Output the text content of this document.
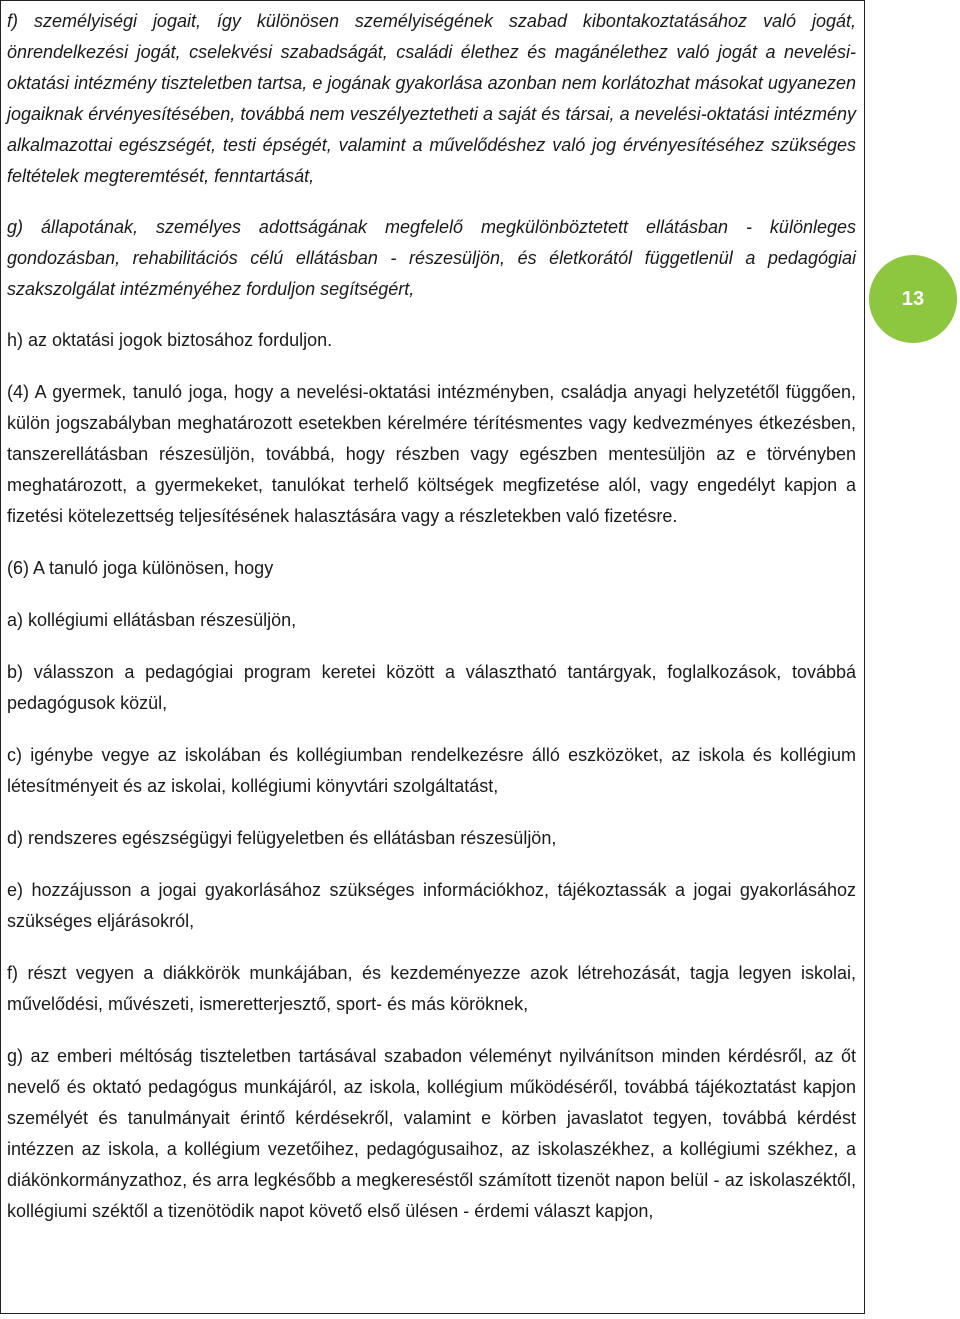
f) személyiségi jogait, így különösen személyiségének szabad kibontakoztatásához való jogát, önrendelkezési jogát, cselekvési szabadságát, családi élethez és magánélethez való jogát a nevelési-oktatási intézmény tiszteletben tartsa, e jogának gyakorlása azonban nem korlátozhat másokat ugyanezen jogaiknak érvényesítésében, továbbá nem veszélyeztetheti a saját és társai, a nevelési-oktatási intézmény alkalmazottai egészségét, testi épségét, valamint a művelődéshez való jog érvényesítéséhez szükséges feltételek megteremtését, fenntartását,

g) állapotának, személyes adottságának megfelelő megkülönböztetett ellátásban - különleges gondozásban, rehabilitációs célú ellátásban - részesüljön, és életkorától függetlenül a pedagógiai szakszolgálat intézményéhez forduljon segítségért,

h) az oktatási jogok biztosához forduljon.

(4) A gyermek, tanuló joga, hogy a nevelési-oktatási intézményben, családja anyagi helyzetétől függően, külön jogszabályban meghatározott esetekben kérelmére térítésmentes vagy kedvezményes étkezésben, tanszerellátásban részesüljön, továbbá, hogy részben vagy egészben mentesüljön az e törvényben meghatározott, a gyermekeket, tanulókat terhelő költségek megfizetése alól, vagy engedélyt kapjon a fizetési kötelezettség teljesítésének halasztására vagy a részletekben való fizetésre.

(6) A tanuló joga különösen, hogy

a) kollégiumi ellátásban részesüljön,

b) válasszon a pedagógiai program keretei között a választható tantárgyak, foglalkozások, továbbá pedagógusok közül,

c) igénybe vegye az iskolában és kollégiumban rendelkezésre álló eszközöket, az iskola és kollégium létesítményeit és az iskolai, kollégiumi könyvtári szolgáltatást,

d) rendszeres egészségügyi felügyeletben és ellátásban részesüljön,

e) hozzájusson a jogai gyakorlásához szükséges információkhoz, tájékoztassák a jogai gyakorlásához szükséges eljárásokról,

f) részt vegyen a diákkörök munkájában, és kezdeményezze azok létrehozását, tagja legyen iskolai, művelődési, művészeti, ismeretterjesztő, sport- és más köröknek,

g) az emberi méltóság tiszteletben tartásával szabadon véleményt nyilvánítson minden kérdésről, az őt nevelő és oktató pedagógus munkájáról, az iskola, kollégium működéséről, továbbá tájékoztatást kapjon személyét és tanulmányait érintő kérdésekről, valamint e körben javaslatot tegyen, továbbá kérdést intézzen az iskola, a kollégium vezetőihez, pedagógusaihoz, az iskolaszékhez, a kollégiumi székhez, a diákönkormányzathoz, és arra legkésőbb a megkereséstől számított tizenöt napon belül - az iskolaszéktől, kollégiumi széktől a tizenötödik napot követő első ülésen - érdemi választ kapjon,

13
